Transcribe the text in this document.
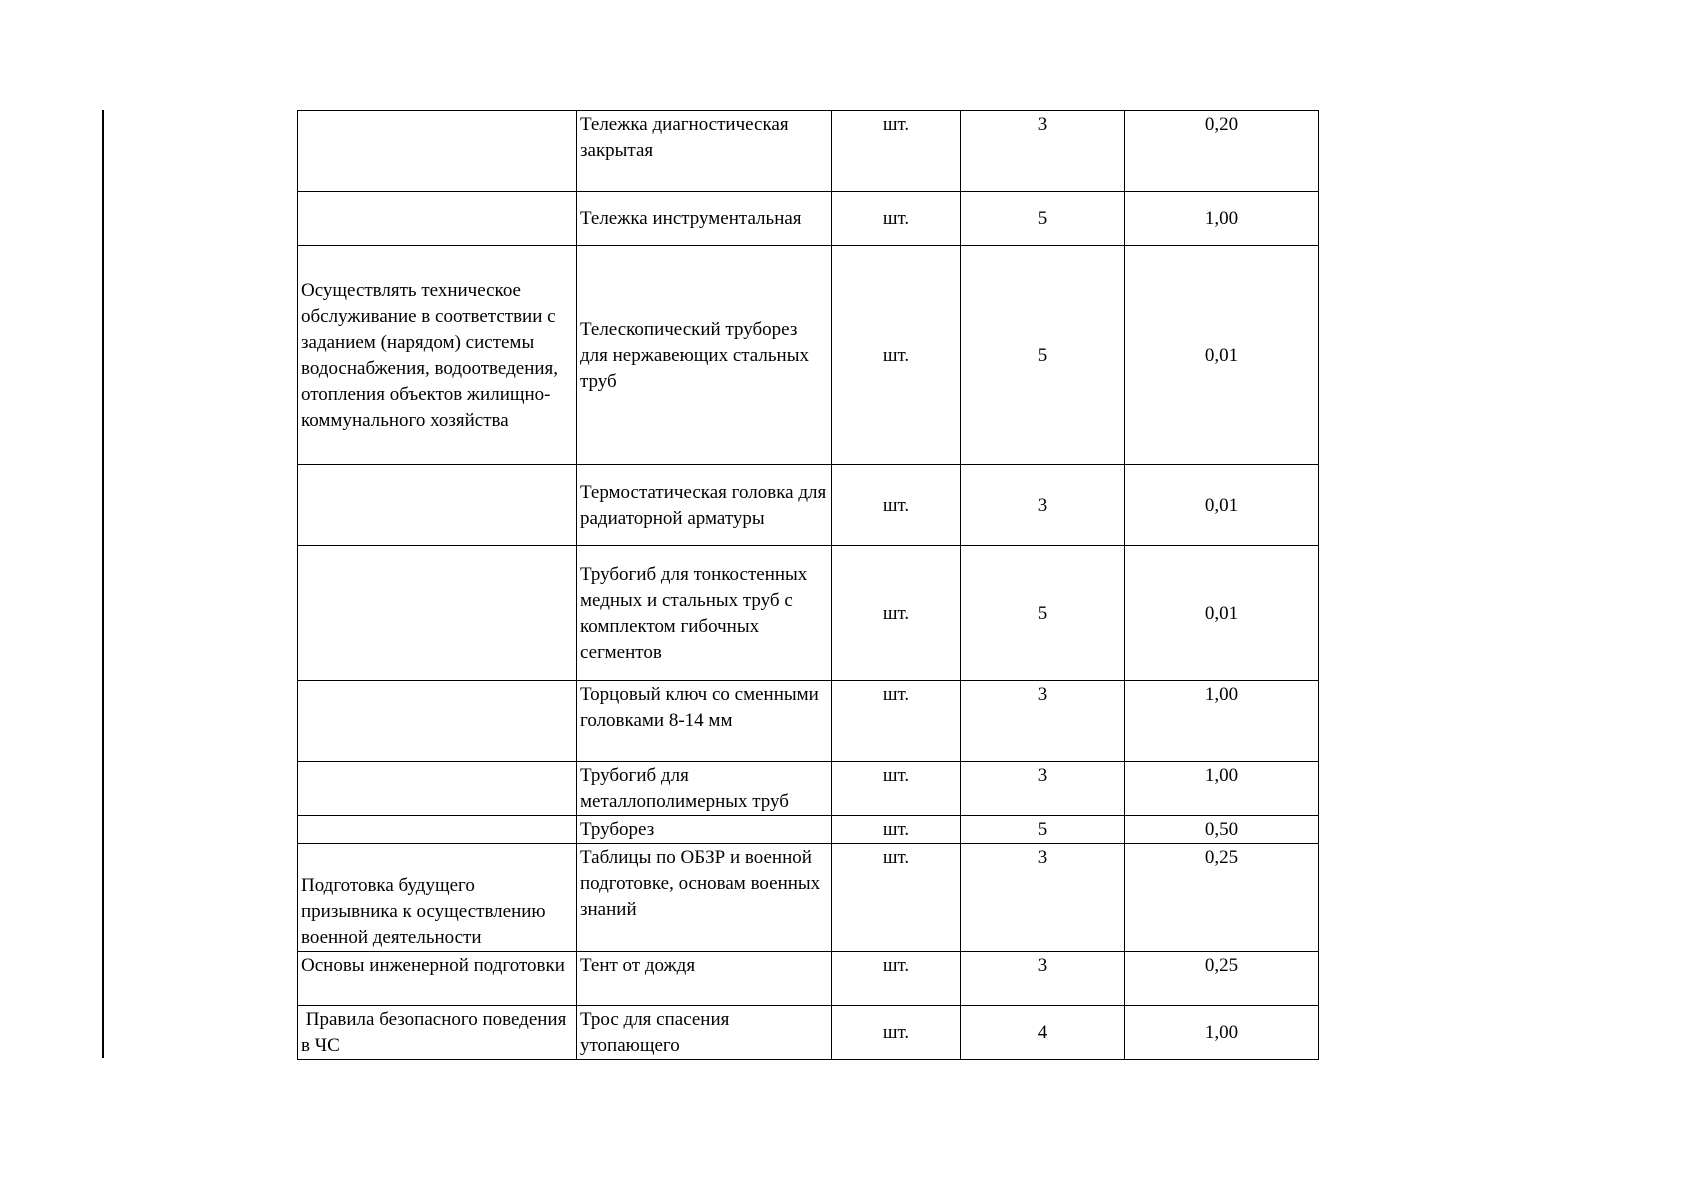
	Тележка диагностическая закрытая	шт.	3	0,20
	Тележка инструментальная	шт.	5	1,00
Осуществлять техническое обслуживание в соответствии с заданием (нарядом) системы водоснабжения, водоотведения, отопления объектов жилищно-коммунального хозяйства	Телескопический труборез для нержавеющих стальных труб	шт.	5	0,01
	Термостатическая головка для радиаторной арматуры	шт.	3	0,01
	Трубогиб для тонкостенных медных и стальных труб с комплектом гибочных сегментов	шт.	5	0,01
	Торцовый ключ со сменными головками 8-14 мм	шт.	3	1,00
	Трубогиб для металлополимерных труб	шт.	3	1,00
	Труборез	шт.	5	0,50
Подготовка будущего призывника к осуществлению военной деятельности	Таблицы по ОБЗР и военной подготовке, основам военных знаний	шт.	3	0,25
Основы инженерной подготовки	Тент от дождя	шт.	3	0,25
Правила безопасного поведения в ЧС	Трос для спасения утопающего	шт.	4	1,00
